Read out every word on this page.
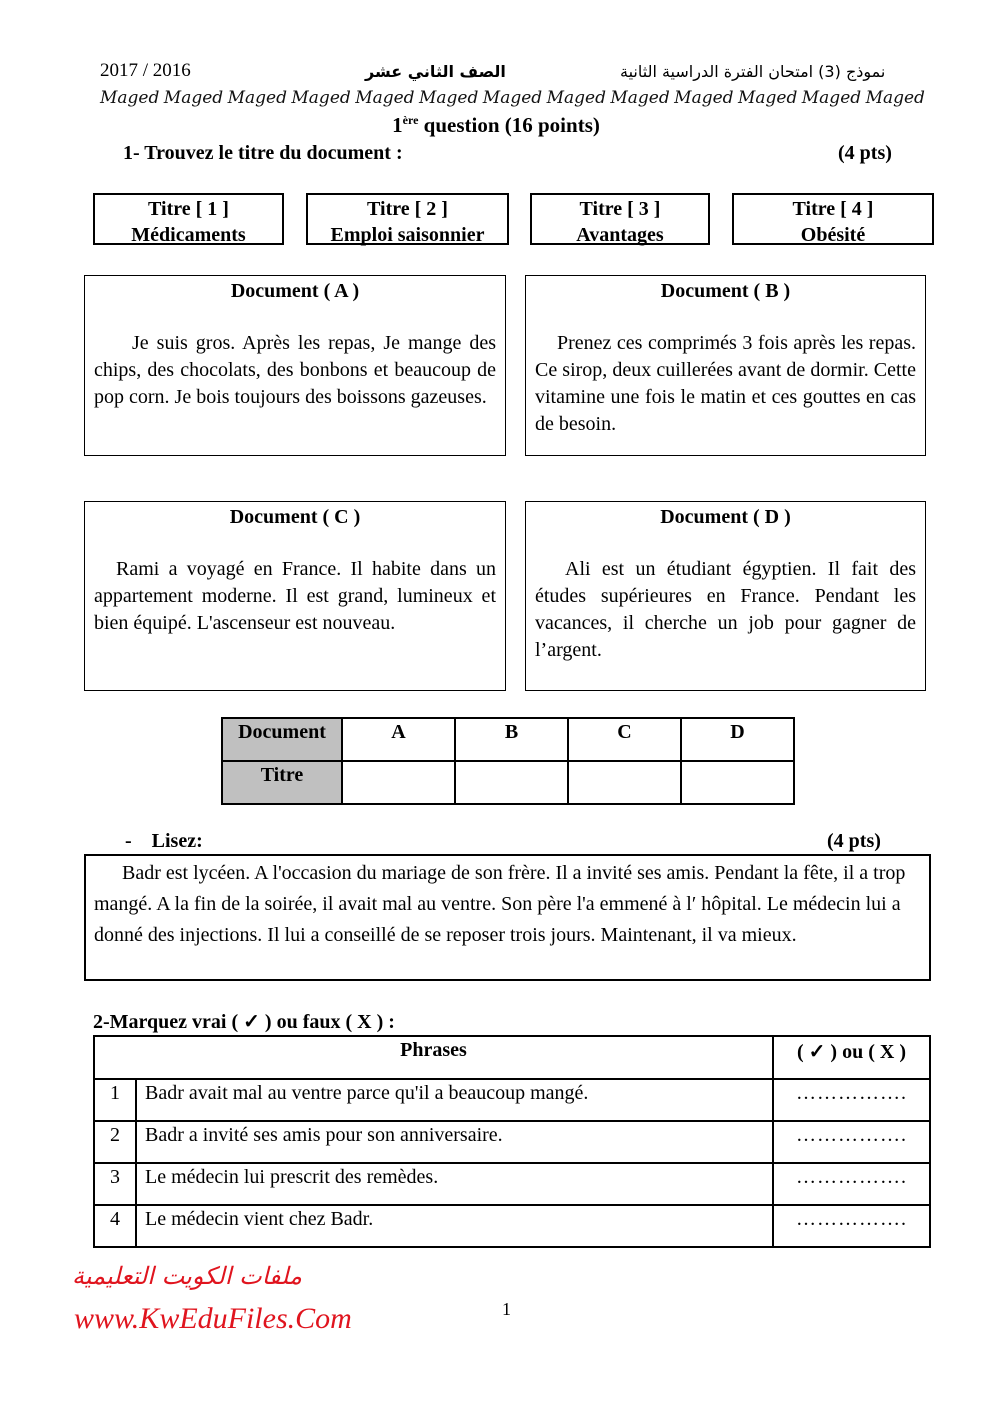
2017 / 2016	الصف الثاني عشر	نموذج (3) امتحان الفترة الدراسية الثانية
Maged Maged Maged Maged Maged Maged Maged Maged Maged Maged Maged Maged Maged
1ère question (16 points)
1- Trouvez le titre du document :	(4 pts)
Titre [ 1 ]
Médicaments
Titre [ 2 ]
Emploi saisonnier
Titre [ 3 ]
Avantages
Titre [ 4 ]
Obésité
Document ( A )
Je suis gros. Après les repas, Je mange des chips, des chocolats, des bonbons et beaucoup de pop corn. Je bois toujours des boissons gazeuses.
Document ( B )
Prenez ces comprimés 3 fois après les repas. Ce sirop, deux cuillerées avant de dormir. Cette vitamine une fois le matin et ces gouttes en cas de besoin.
Document ( C )
Rami a voyagé en France. Il habite dans un appartement moderne. Il est grand, lumineux et bien équipé. L'ascenseur est nouveau.
Document ( D )
Ali est un étudiant égyptien. Il fait des études supérieures en France. Pendant les vacances, il cherche un job pour gagner de l’argent.
Document	A	B	C	D
Titre				
-    Lisez:	(4 pts)
Badr est lycéen. A l'occasion du mariage de son frère. Il a invité ses amis. Pendant la fête, il a trop mangé. A la fin de la soirée, il avait mal au ventre. Son père l'a emmené à l′ hôpital. Le médecin lui a donné des injections. Il lui a conseillé de se reposer trois jours. Maintenant, il va mieux.
2-Marquez vrai ( ✓ ) ou faux ( X ) :
Phrases		( ✓ ) ou ( X )
1	Badr avait mal au ventre parce qu'il a beaucoup mangé.	…………….
2	Badr a invité ses amis pour son anniversaire.	…………….
3	Le médecin lui prescrit des remèdes.	…………….
4	Le médecin vient chez Badr.	…………….
ملفات الكويت التعليمية
www.KwEduFiles.Com	1
